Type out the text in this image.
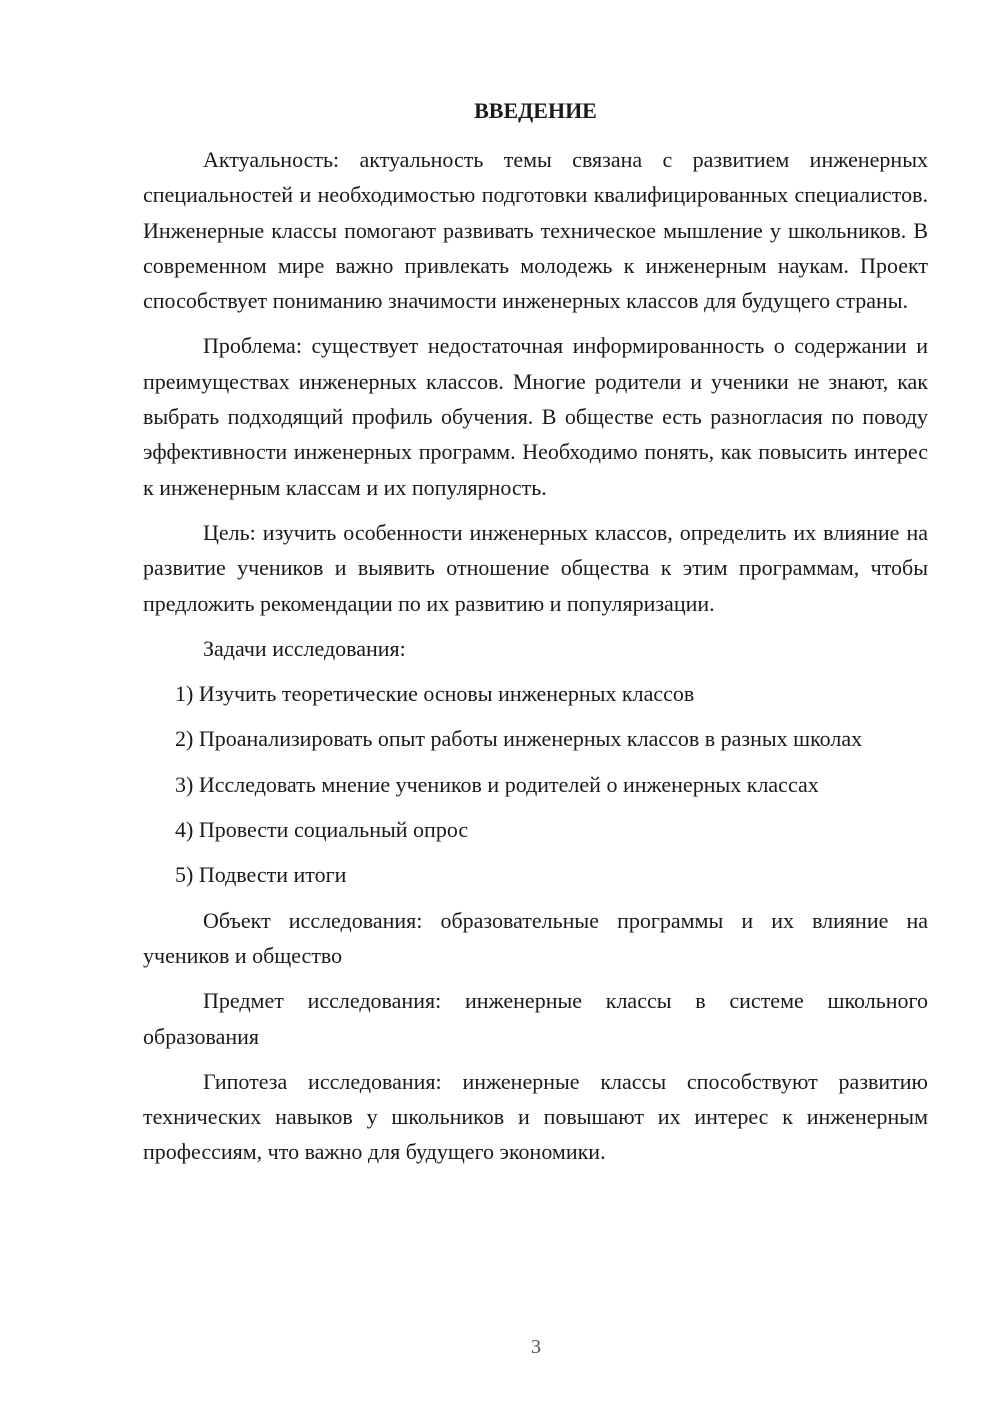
ВВЕДЕНИЕ

Актуальность: актуальность темы связана с развитием инженерных специальностей и необходимостью подготовки квалифицированных специалистов. Инженерные классы помогают развивать техническое мышление у школьников. В современном мире важно привлекать молодежь к инженерным наукам. Проект способствует пониманию значимости инженерных классов для будущего страны.

Проблема: существует недостаточная информированность о содержании и преимуществах инженерных классов. Многие родители и ученики не знают, как выбрать подходящий профиль обучения. В обществе есть разногласия по поводу эффективности инженерных программ. Необходимо понять, как повысить интерес к инженерным классам и их популярность.

Цель: изучить особенности инженерных классов, определить их влияние на развитие учеников и выявить отношение общества к этим программам, чтобы предложить рекомендации по их развитию и популяризации.

Задачи исследования:

1) Изучить теоретические основы инженерных классов

2) Проанализировать опыт работы инженерных классов в разных школах

3) Исследовать мнение учеников и родителей о инженерных классах

4) Провести социальный опрос

5) Подвести итоги

Объект исследования: образовательные программы и их влияние на учеников и общество

Предмет исследования: инженерные классы в системе школьного образования

Гипотеза исследования: инженерные классы способствуют развитию технических навыков у школьников и повышают их интерес к инженерным профессиям, что важно для будущего экономики.

3
